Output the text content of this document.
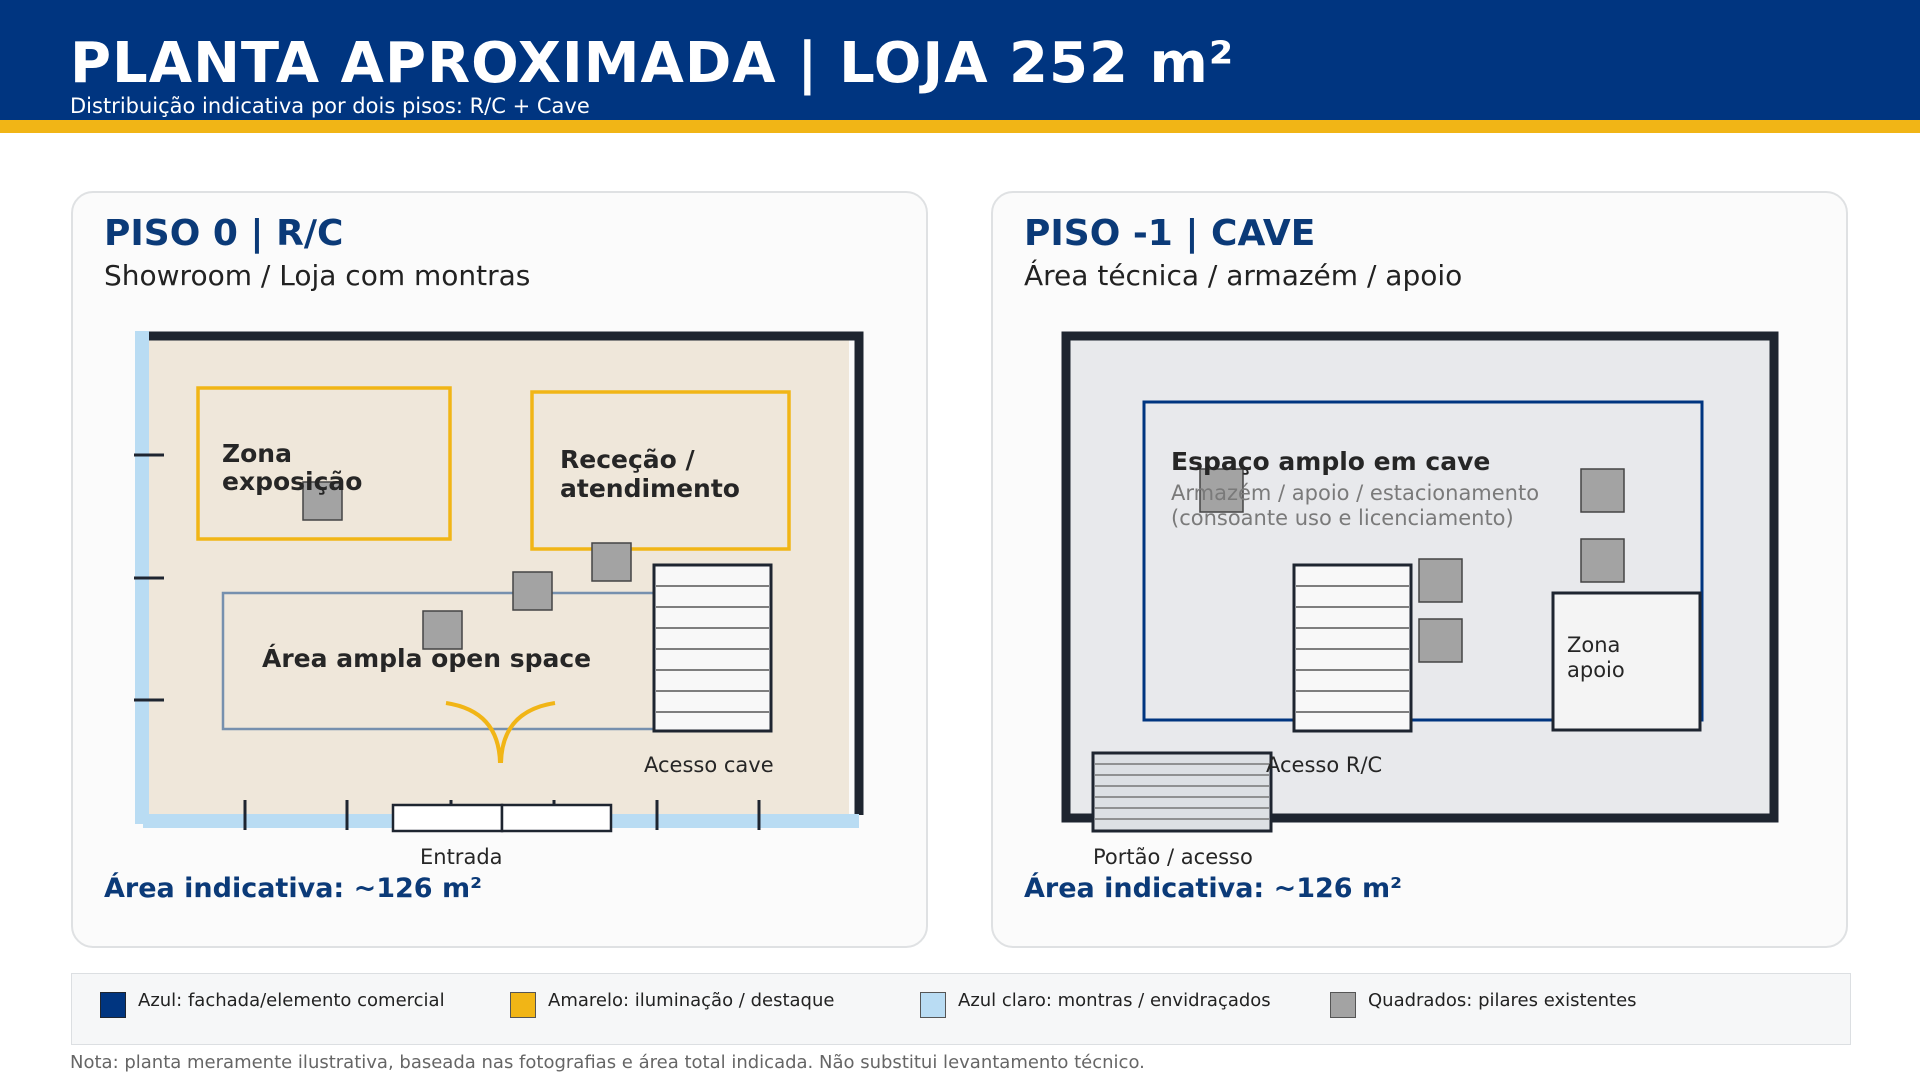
PLANTA APROXIMADA | LOJA 252 m²
Distribuição indicativa por dois pisos: R/C + Cave
PISO 0 | R/C
Showroom / Loja com montras
Zona
exposição
Receção /
atendimento
Área ampla open space
Acesso cave
Entrada
Área indicativa: ~126 m²
PISO -1 | CAVE
Área técnica / armazém / apoio
Espaço amplo em cave
Armazém / apoio / estacionamento
(consoante uso e licenciamento)
Zona
apoio
Acesso R/C
Portão / acesso
Área indicativa: ~126 m²
Azul: fachada/elemento comercial	Amarelo: iluminação / destaque	Azul claro: montras / envidraçados	Quadrados: pilares existentes
Nota: planta meramente ilustrativa, baseada nas fotografias e área total indicada. Não substitui levantamento técnico.
